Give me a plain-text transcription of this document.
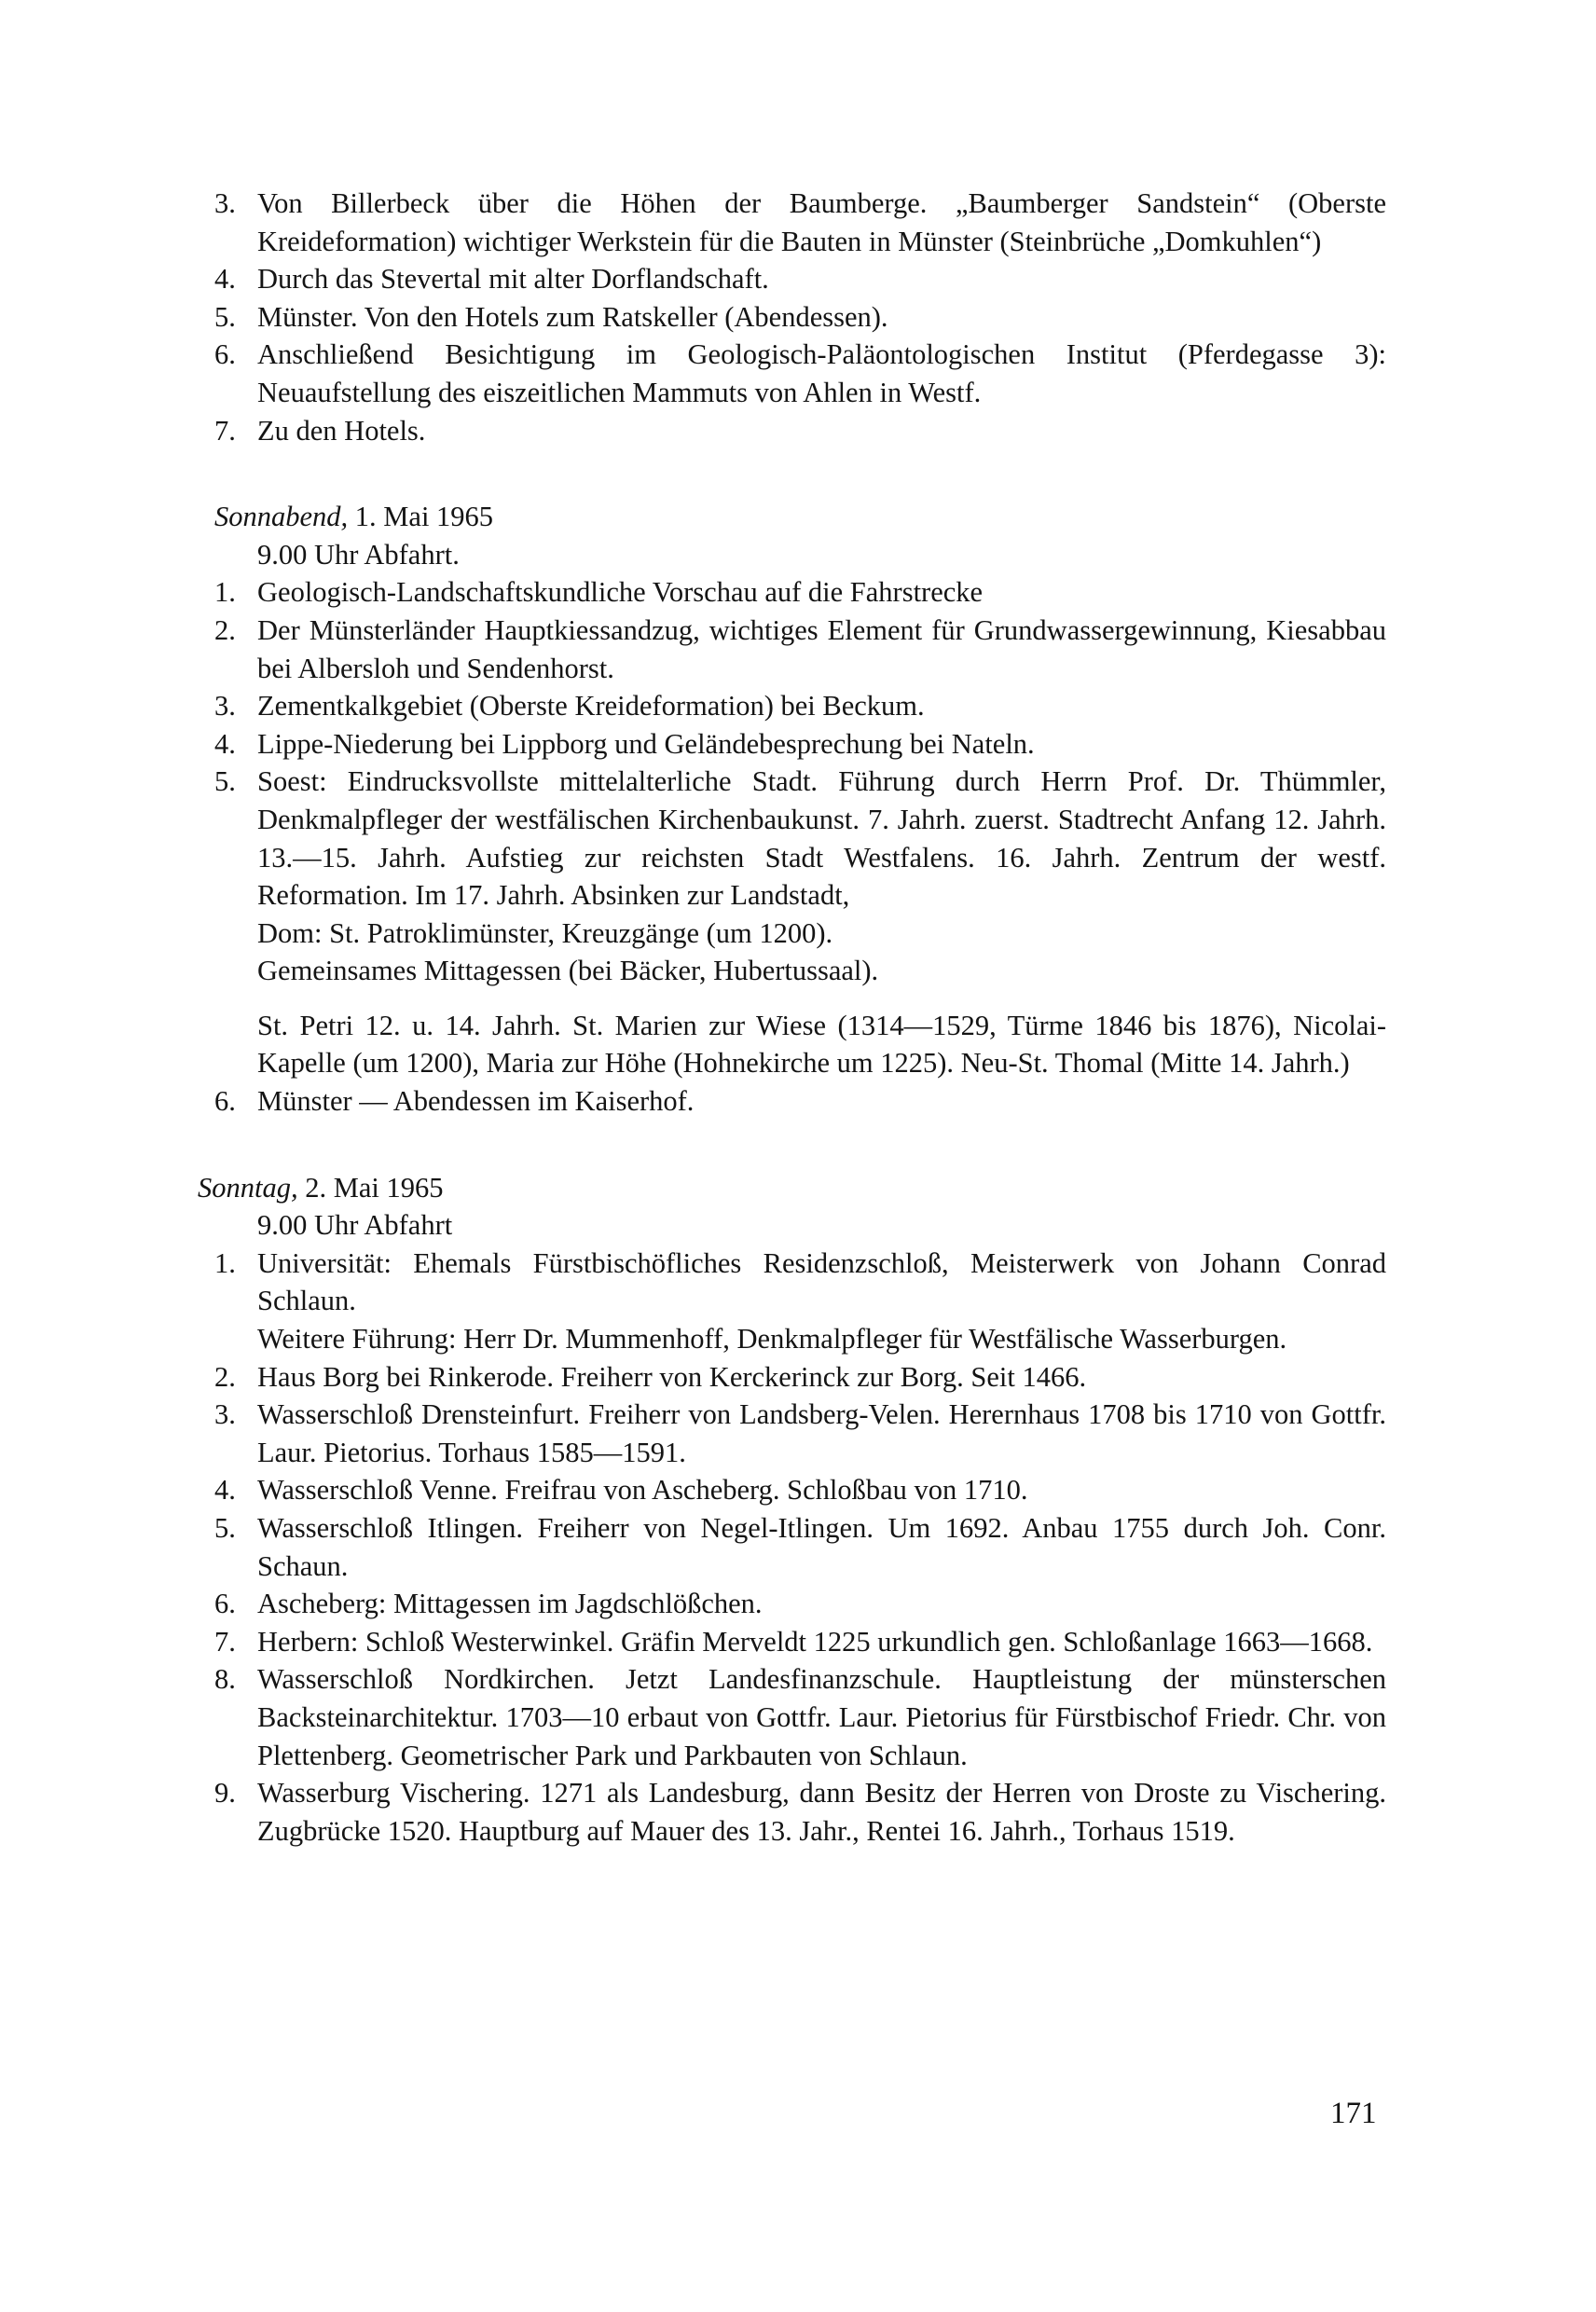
3. Von Billerbeck über die Höhen der Baumberge. „Baumberger Sandstein“ (Oberste Kreideformation) wichtiger Werkstein für die Bauten in Münster (Steinbrüche „Domkuhlen“)
4. Durch das Stevertal mit alter Dorflandschaft.
5. Münster. Von den Hotels zum Ratskeller (Abendessen).
6. Anschließend Besichtigung im Geologisch-Paläontologischen Institut (Pferdegasse 3): Neuaufstellung des eiszeitlichen Mammuts von Ahlen in Westf.
7. Zu den Hotels.
Sonnabend, 1. Mai 1965
9.00 Uhr Abfahrt.
1. Geologisch-Landschaftskundliche Vorschau auf die Fahrstrecke
2. Der Münsterländer Hauptkiessandzug, wichtiges Element für Grundwassergewinnung, Kiesabbau bei Albersloh und Sendenhorst.
3. Zementkalkgebiet (Oberste Kreideformation) bei Beckum.
4. Lippe-Niederung bei Lippborg und Geländebesprechung bei Nateln.
5. Soest: Eindrucksvollste mittelalterliche Stadt. Führung durch Herrn Prof. Dr. Thümmler, Denkmalpfleger der westfälischen Kirchenbaukunst. 7. Jahrh. zuerst. Stadtrecht Anfang 12. Jahrh. 13.—15. Jahrh. Aufstieg zur reichsten Stadt Westfalens. 16. Jahrh. Zentrum der westf. Reformation. Im 17. Jahrh. Absinken zur Landstadt,
Dom: St. Patroklimünster, Kreuzgänge (um 1200).
Gemeinsames Mittagessen (bei Bäcker, Hubertussaal).
St. Petri 12. u. 14. Jahrh. St. Marien zur Wiese (1314—1529, Türme 1846 bis 1876), Nicolai-Kapelle (um 1200), Maria zur Höhe (Hohnekirche um 1225). Neu-St. Thomal (Mitte 14. Jahrh.)
6. Münster — Abendessen im Kaiserhof.
Sonntag, 2. Mai 1965
9.00 Uhr Abfahrt
1. Universität: Ehemals Fürstbischöfliches Residenzschloß, Meisterwerk von Johann Conrad Schlaun.
Weitere Führung: Herr Dr. Mummenhoff, Denkmalpfleger für Westfälische Wasserburgen.
2. Haus Borg bei Rinkerode. Freiherr von Kerckerinck zur Borg. Seit 1466.
3. Wasserschloß Drensteinfurt. Freiherr von Landsberg-Velen. Herernhaus 1708 bis 1710 von Gottfr. Laur. Pietorius. Torhaus 1585—1591.
4. Wasserschloß Venne. Freifrau von Ascheberg. Schloßbau von 1710.
5. Wasserschloß Itlingen. Freiherr von Negel-Itlingen. Um 1692. Anbau 1755 durch Joh. Conr. Schaun.
6. Ascheberg: Mittagessen im Jagdschlößchen.
7. Herbern: Schloß Westerwinkel. Gräfin Merveldt 1225 urkundlich gen. Schloßanlage 1663—1668.
8. Wasserschloß Nordkirchen. Jetzt Landesfinanzschule. Hauptleistung der münsterschen Backsteinarchitektur. 1703—10 erbaut von Gottfr. Laur. Pietorius für Fürstbischof Friedr. Chr. von Plettenberg. Geometrischer Park und Parkbauten von Schlaun.
9. Wasserburg Vischering. 1271 als Landesburg, dann Besitz der Herren von Droste zu Vischering. Zugbrücke 1520. Hauptburg auf Mauer des 13. Jahr., Rentei 16. Jahrh., Torhaus 1519.
171
